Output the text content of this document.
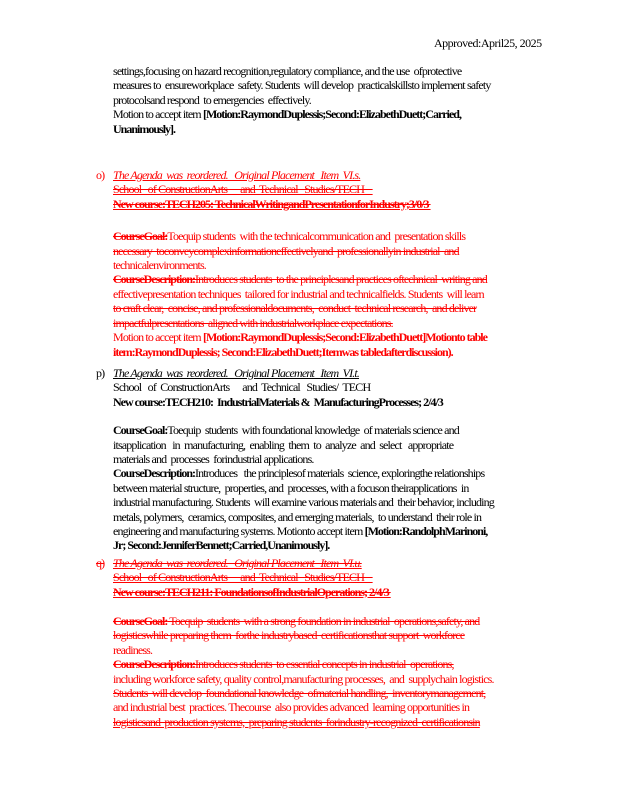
Approved:April25, 2025
settings,focusing on hazard recognition,regulatory compliance, and the use  ofprotective
measures to  ensureworkplace  safety. Students  will develop  practicalskillsto implement safety
protocolsand respond  to emergencies  effectively.
Motion to accept item [Motion:RaymondDuplessis;Second:ElizabethDuett;Carried,
Unanimously].
o) The Agenda  was  reordered.   Original Placement   Item  VI.s.
School   of ConstructionArts      and  Technical   Studies/TECH
New course:TECH205: TechnicalWritingandPresentationforIndustry;3/0/3
CourseGoal:Toequip students  with the technicalcommunication and  presentation skills
necessary  toconveycomplexinformationeffectivelyand  professionallyin industrial  and
technicalenvironments.
CourseDescription:Introduces students  to the principlesand practices oftechnical  writing and
effectivepresentation techniques  tailored for industrial and technicalfields. Students  will learn
to craft clear,  concise, and professionaldocuments,  conduct  technical research,  and deliver
impactfulpresentations  aligned with industrialworkplace expectations.
Motion to accept item [Motion:RaymondDuplessis;Second:ElizabethDuett]Motionto table
item:RaymondDuplessis; Second:ElizabethDuett;Itemwas tabledafterdiscussion).
p) The Agenda  was  reordered.   Original Placement   Item  VI.t.
School   of  ConstructionArts      and  Technical   Studies/  TECH
New course:TECH210:  IndustrialMaterials &  ManufacturingProcesses; 2/4/3
CourseGoal:Toequip  students  with foundational knowledge  of materials science and
itsapplication   in  manufacturing,  enabling  them  to  analyze  and  select   appropriate
materials and  processes  forindustrial applications.
CourseDescription:Introduces   the principlesof materials  science, exploringthe relationships
between material structure,  properties, and  processes, with a focuson theirapplications  in
industrial manufacturing. Students  will examine various materials and  their behavior, including
metals, polymers,  ceramics, composites, and emerging materials,  to understand  their role in
engineering and manufacturing systems. Motionto accept item [Motion:RandolphMarinoni,
Jr; Second:JenniferBennett;Carried,Unanimously].
q) The Agenda  was  reordered.   Original Placement   Item  VI.u.
School   of ConstructionArts      and  Technical   Studies/TECH
New course:TECH211: FoundationsofIndustrialOperations; 2/4/3
CourseGoal: Toequip  students  with a strong foundation in industrial  operations,safety, and
logisticswhile preparing them  forthe industrybased  certificationsthat support  workforce
readiness.
CourseDescription:Introduces students  to essential concepts in industrial  operations,
including workforce safety, quality control,manufacturing processes,  and  supplychain logistics.
Students  will develop  foundational knowledge  ofmaterial handling,  inventorymanagement,
and industrial best  practices. Thecourse  also provides advanced  learning opportunities in
logisticsand  production systems,  preparing students  forindustry-recognized  certificationsin
